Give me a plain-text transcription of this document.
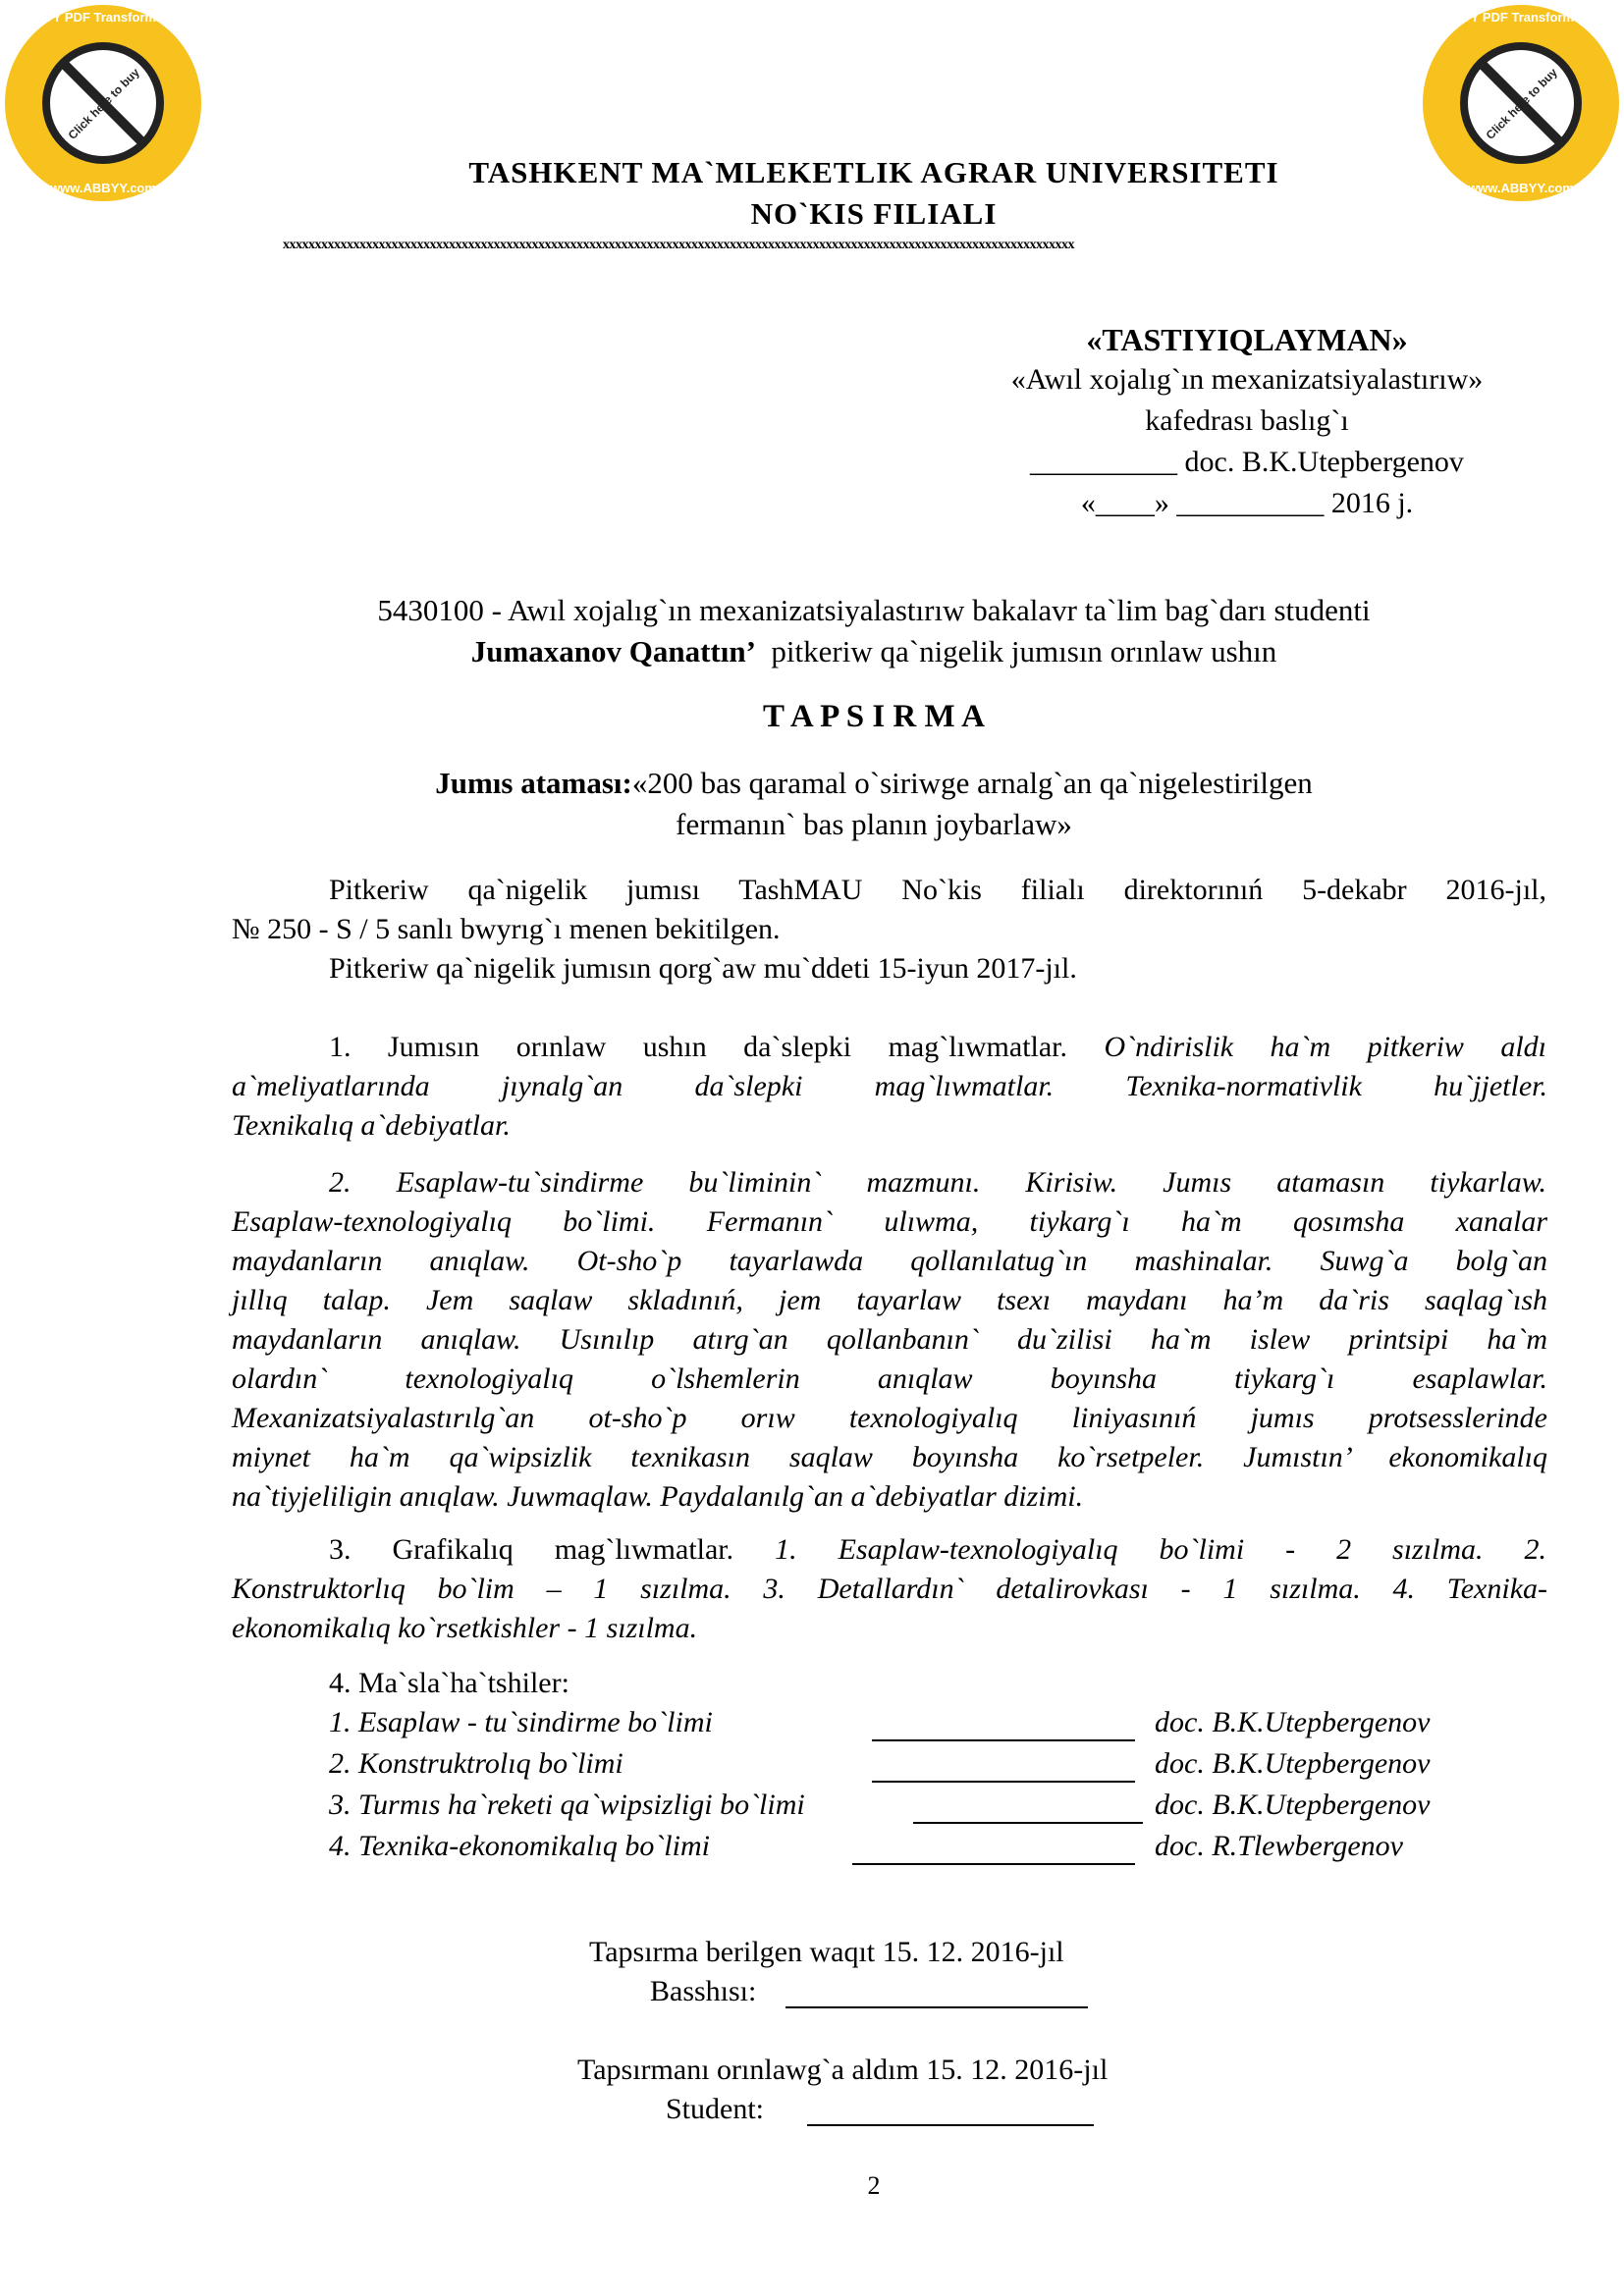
ABBYY PDF Transformer 2.0
Click here to buy
www.ABBYY.com
ABBYY PDF Transformer 2.0
Click here to buy
www.ABBYY.com
TASHKENT MA`MLEKETLIK AGRAR UNIVERSITETI
NO`KIS FILIALI
xxxxxxxxxxxxxxxxxxxxxxxxxxxxxxxxxxxxxxxxxxxxxxxxxxxxxxxxxxxxxxxxxxxxxxxxxxxxxxxxxxxxxxxxxxxxxxxxxxxxxxxxxxxxxxxxxxxxxxxxxxxx
«TASTIYIQLAYMAN»
«Awıl xojalıg`ın mexanizatsiyalastırıw»
kafedrası baslıg`ı
__________ doc. B.K.Utepbergenov
«____» __________ 2016 j.
5430100 - Awıl xojalıg`ın mexanizatsiyalastırıw bakalavr ta`lim bag`darı studenti
Jumaxanov Qanattın’ pitkeriw qa`nigelik jumısın orınlaw ushın
T A P S I R M A
Jumıs ataması:«200 bas qaramal o`siriwge arnalg`an qa`nigelestirilgen
fermanın` bas planın joybarlaw»
Pitkeriw qa`nigelik jumısı TashMAU No`kis filialı direktorınıń 5-dekabr 2016-jıl,
№ 250 - S / 5 sanlı bwyrıg`ı menen bekitilgen.
Pitkeriw qa`nigelik jumısın qorg`aw mu`ddeti 15-iyun 2017-jıl.
1. Jumısın orınlaw ushın da`slepki mag`lıwmatlar. O`ndirislik ha`m pitkeriw aldı
a`meliyatlarında jıynalg`an da`slepki mag`lıwmatlar. Texnika-normativlik hu`jjetler.
Texnikalıq a`debiyatlar.
2. Esaplaw-tu`sindirme bu`liminin` mazmunı. Kirisiw. Jumıs atamasın tiykarlaw.
Esaplaw-texnologiyalıq bo`limi. Fermanın` ulıwma, tiykarg`ı ha`m qosımsha xanalar
maydanların anıqlaw. Ot-sho`p tayarlawda qollanılatug`ın mashinalar. Suwg`a bolg`an
jıllıq talap. Jem saqlaw skladınıń, jem tayarlaw tsexı maydanı ha’m da`ris saqlag`ısh
maydanların anıqlaw. Usınılıp atırg`an qollanbanın` du`zilisi ha`m islew printsipi ha`m
olardın` texnologiyalıq o`lshemlerin anıqlaw boyınsha tiykarg`ı esaplawlar.
Mexanizatsiyalastırılg`an ot-sho`p orıw texnologiyalıq liniyasınıń jumıs protsesslerinde
miynet ha`m qa`wipsizlik texnikasın saqlaw boyınsha ko`rsetpeler. Jumıstın’ ekonomikalıq
na`tiyjeliligin anıqlaw. Juwmaqlaw. Paydalanılg`an a`debiyatlar dizimi.
3. Grafikalıq mag`lıwmatlar. 1. Esaplaw-texnologiyalıq bo`limi - 2 sızılma. 2.
Konstruktorlıq bo`lim – 1 sızılma. 3. Detallardın` detalirovkası - 1 sızılma. 4. Texnika-
ekonomikalıq ko`rsetkishler - 1 sızılma.
4. Ma`sla`ha`tshiler:
1. Esaplaw - tu`sindirme bo`limi	doc. B.K.Utepbergenov
2. Konstruktrolıq bo`limi	doc. B.K.Utepbergenov
3. Turmıs ha`reketi qa`wipsizligi bo`limi	doc. B.K.Utepbergenov
4. Texnika-ekonomikalıq bo`limi	doc. R.Tlewbergenov
Tapsırma berilgen waqıt 15. 12. 2016-jıl
Basshısı:
Tapsırmanı orınlawg`a aldım 15. 12. 2016-jıl
Student:
2
